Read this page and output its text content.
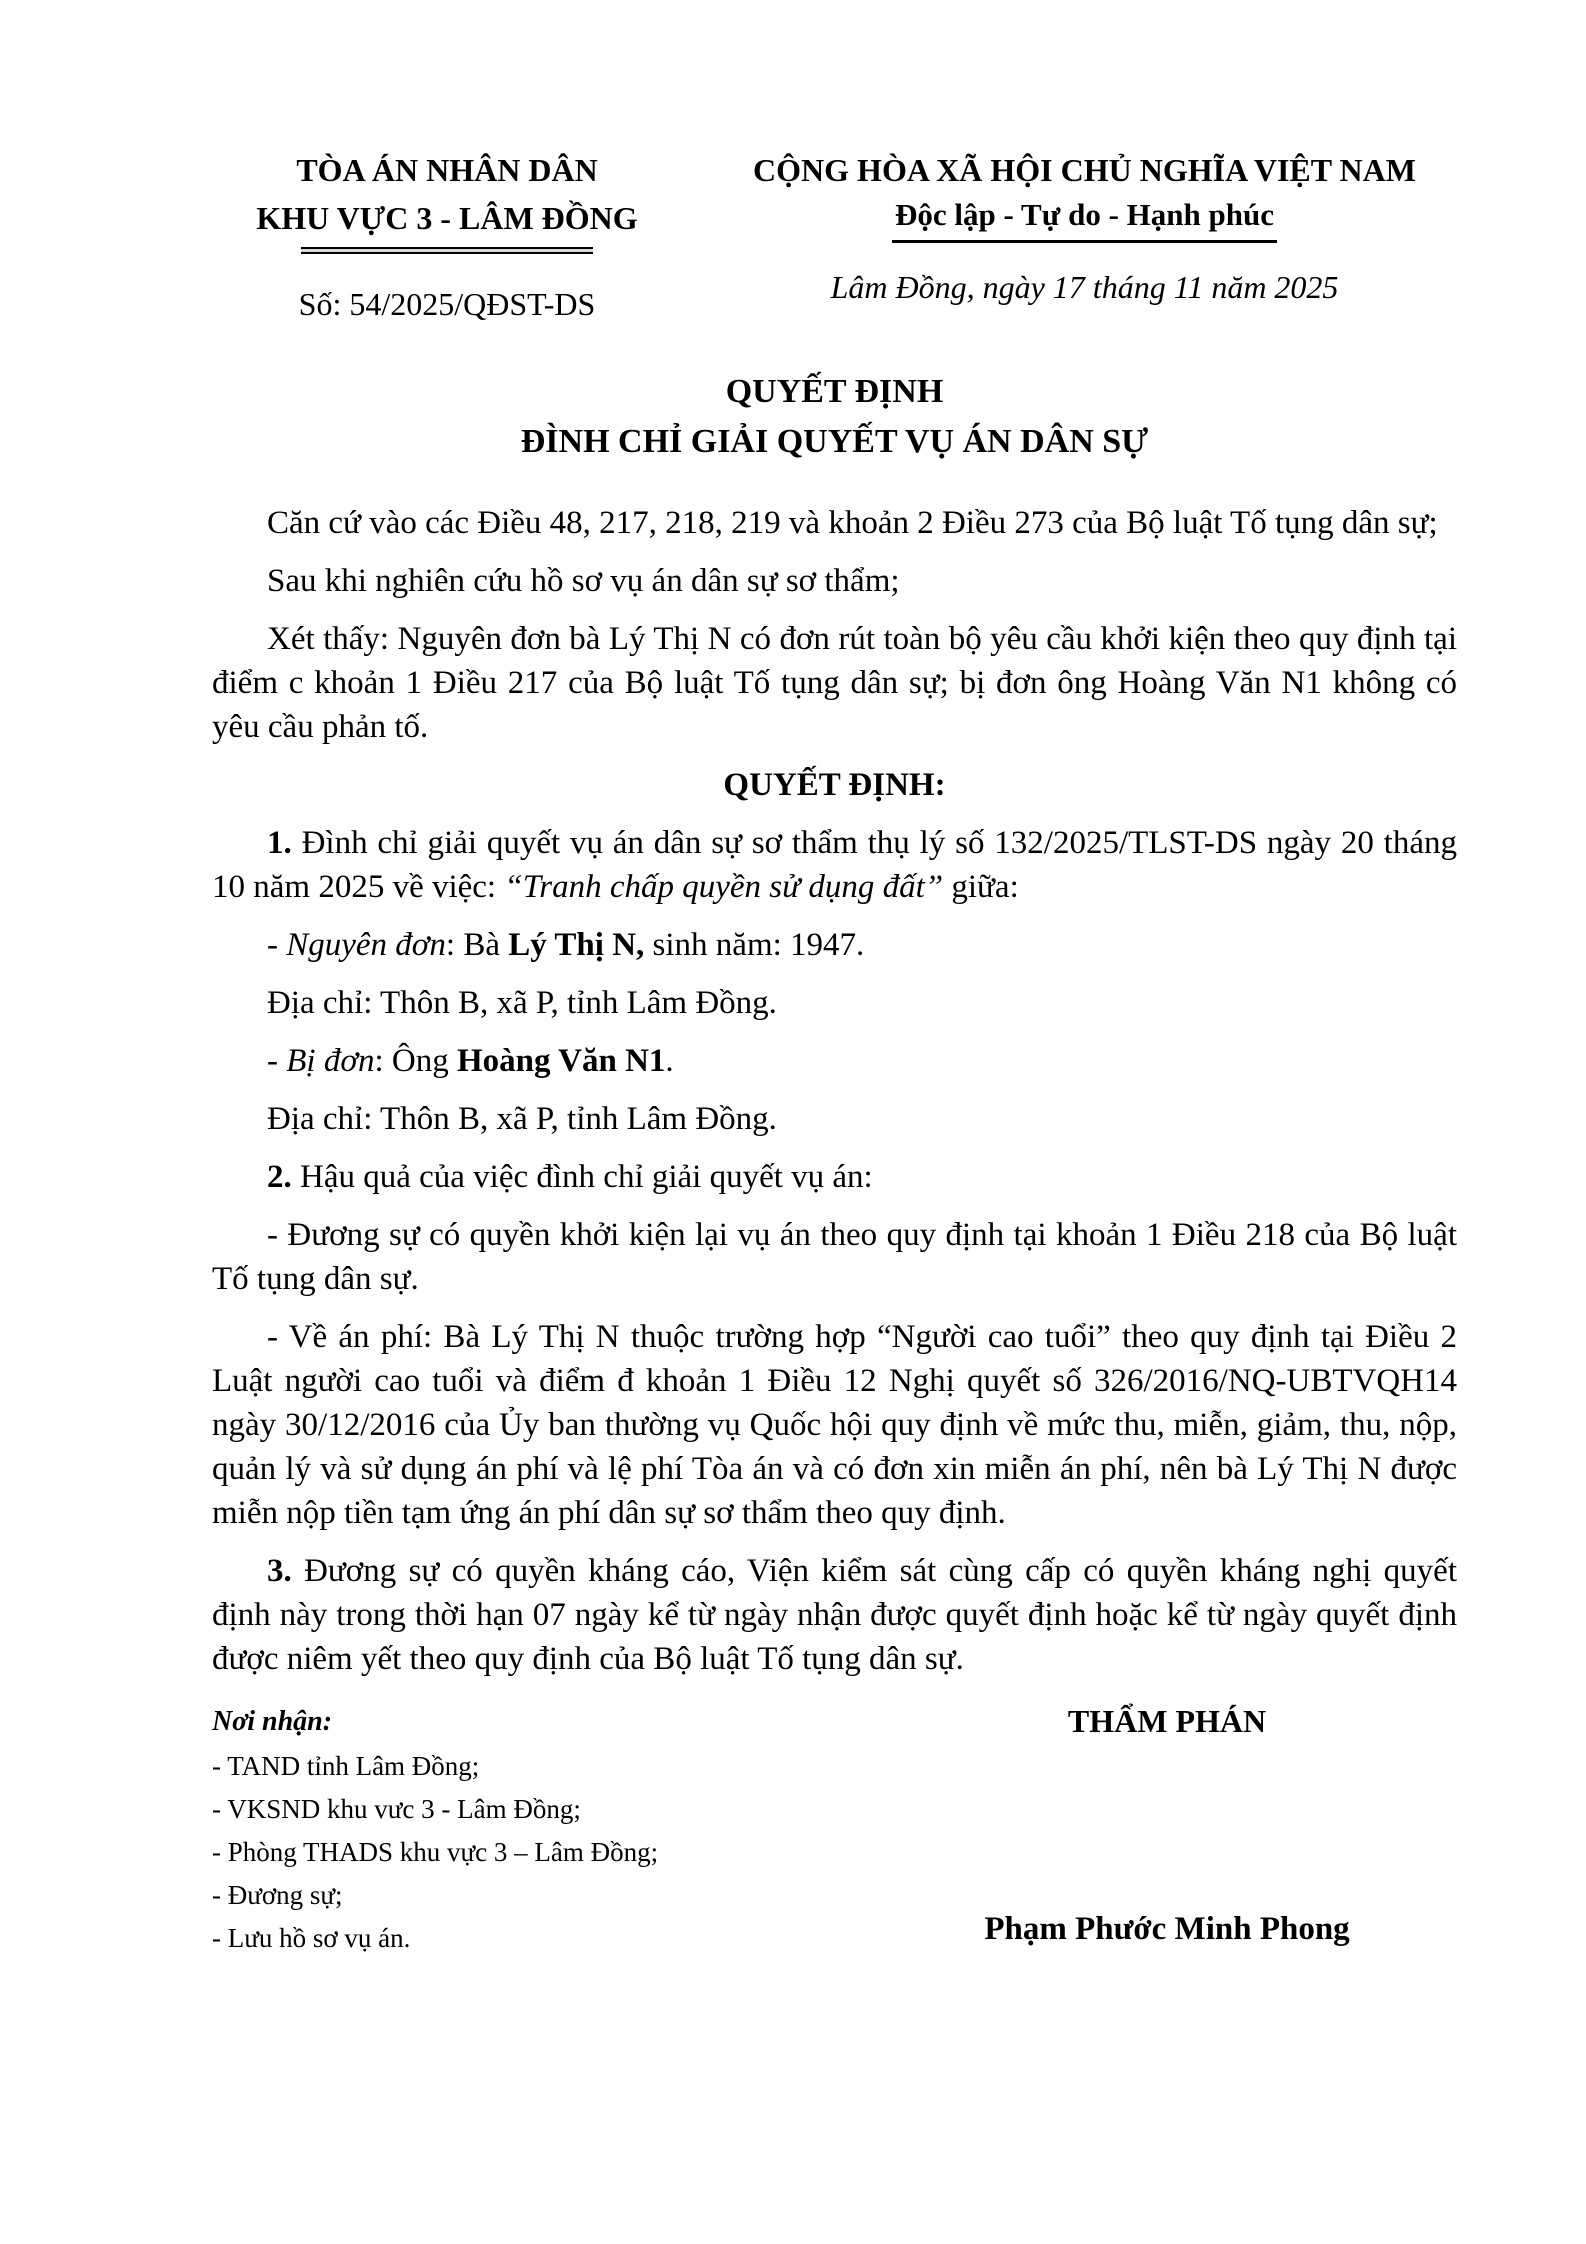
TÒA ÁN NHÂN DÂN
KHU VỰC 3 - LÂM ĐỒNG
Số: 54/2025/QĐST-DS
CỘNG HÒA XÃ HỘI CHỦ NGHĨA VIỆT NAM
Độc lập - Tự do - Hạnh phúc
Lâm Đồng, ngày 17 tháng 11 năm 2025
QUYẾT ĐỊNH
ĐÌNH CHỈ GIẢI QUYẾT VỤ ÁN DÂN SỰ

Căn cứ vào các Điều 48, 217, 218, 219 và khoản 2 Điều 273 của Bộ luật Tố tụng dân sự;

Sau khi nghiên cứu hồ sơ vụ án dân sự sơ thẩm;

Xét thấy: Nguyên đơn bà Lý Thị N có đơn rút toàn bộ yêu cầu khởi kiện theo quy định tại điểm c khoản 1 Điều 217 của Bộ luật Tố tụng dân sự; bị đơn ông Hoàng Văn N1 không có yêu cầu phản tố.

QUYẾT ĐỊNH:

1. Đình chỉ giải quyết vụ án dân sự sơ thẩm thụ lý số 132/2025/TLST-DS ngày 20 tháng 10 năm 2025 về việc: “Tranh chấp quyền sử dụng đất” giữa:

- Nguyên đơn: Bà Lý Thị N, sinh năm: 1947.

Địa chỉ: Thôn B, xã P, tỉnh Lâm Đồng.

- Bị đơn: Ông Hoàng Văn N1.

Địa chỉ: Thôn B, xã P, tỉnh Lâm Đồng.

2. Hậu quả của việc đình chỉ giải quyết vụ án:

- Đương sự có quyền khởi kiện lại vụ án theo quy định tại khoản 1 Điều 218 của Bộ luật Tố tụng dân sự.

- Về án phí: Bà Lý Thị N thuộc trường hợp “Người cao tuổi” theo quy định tại Điều 2 Luật người cao tuổi và điểm đ khoản 1 Điều 12 Nghị quyết số 326/2016/NQ-UBTVQH14 ngày 30/12/2016 của Ủy ban thường vụ Quốc hội quy định về mức thu, miễn, giảm, thu, nộp, quản lý và sử dụng án phí và lệ phí Tòa án và có đơn xin miễn án phí, nên bà Lý Thị N được miễn nộp tiền tạm ứng án phí dân sự sơ thẩm theo quy định.

3. Đương sự có quyền kháng cáo, Viện kiểm sát cùng cấp có quyền kháng nghị quyết định này trong thời hạn 07 ngày kể từ ngày nhận được quyết định hoặc kể từ ngày quyết định được niêm yết theo quy định của Bộ luật Tố tụng dân sự.

Nơi nhận:
- TAND tỉnh Lâm Đồng;
- VKSND khu vưc 3 - Lâm Đồng;
- Phòng THADS khu vực 3 – Lâm Đồng;
- Đương sự;
- Lưu hồ sơ vụ án.
THẨM PHÁN
Phạm Phước Minh Phong
